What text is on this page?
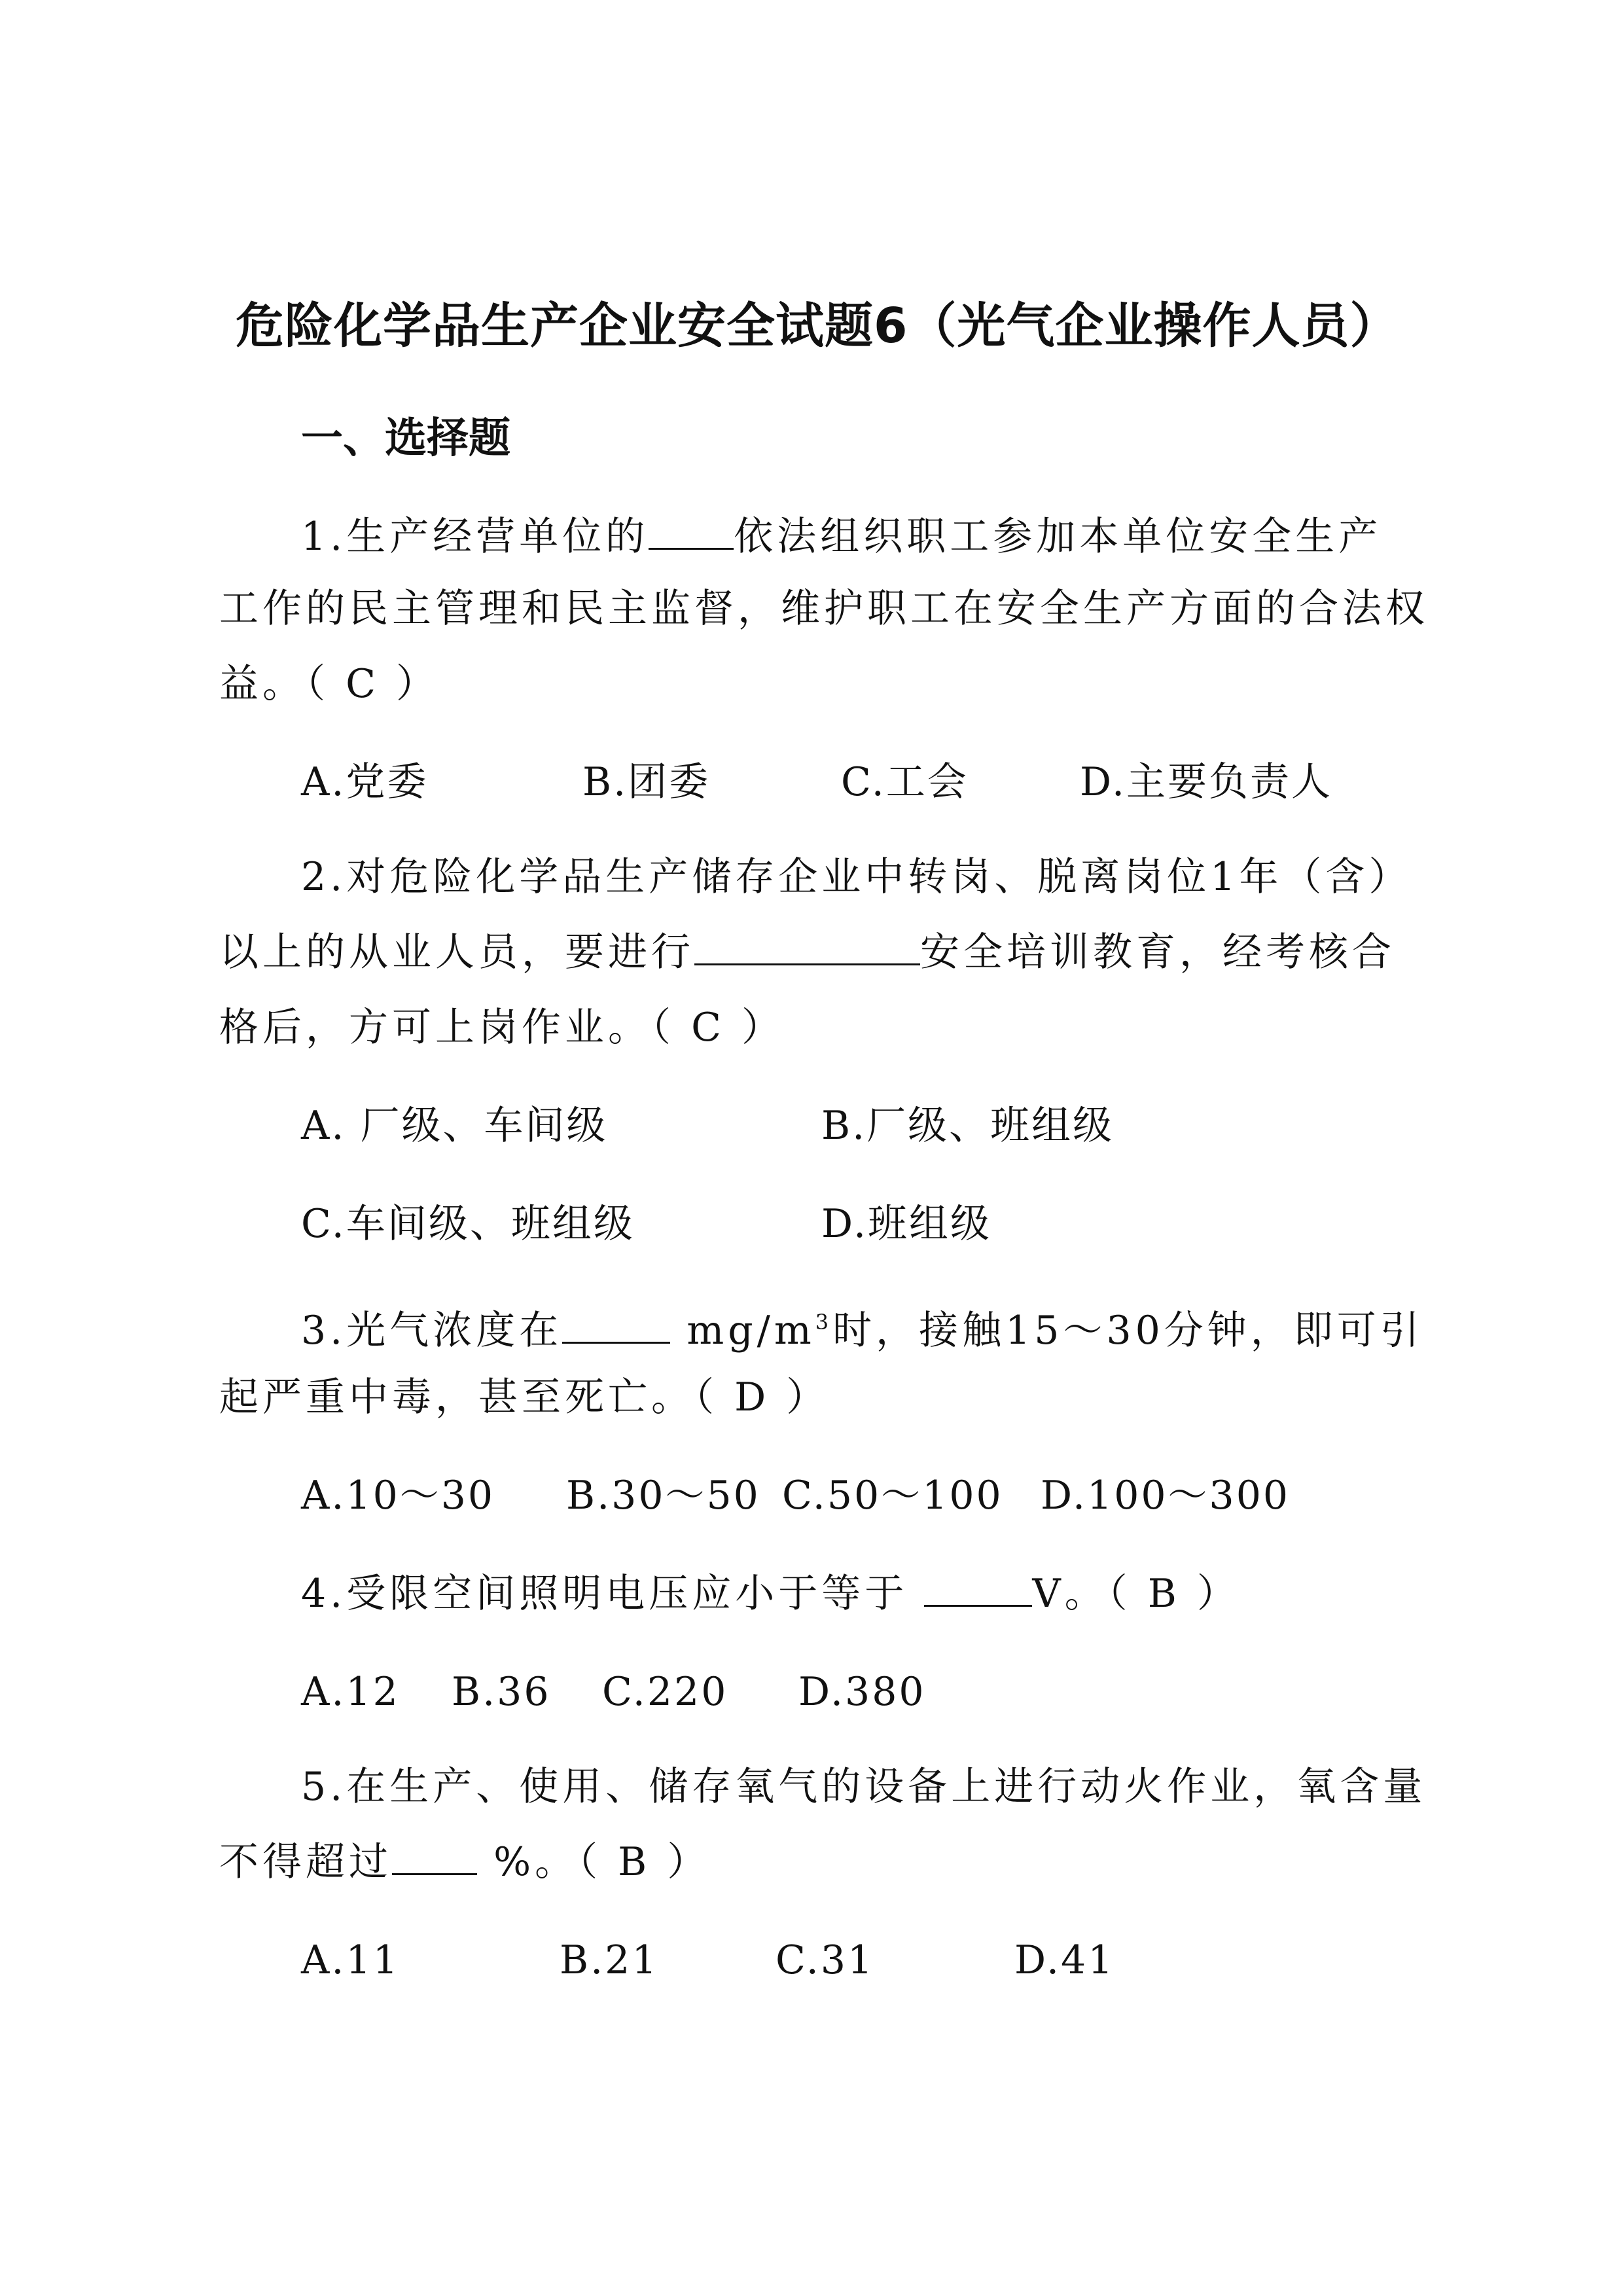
危险化学品生产企业安全试题6（光气企业操作人员）
一、选择题
1.生产经营单位的 依法组织职工参加本单位安全生产
工作的民主管理和民主监督，维护职工在安全生产方面的合法权
益。（ C ）
A.党委	B.团委	C.工会	D.主要负责人
2.对危险化学品生产储存企业中转岗、脱离岗位1年（含）
以上的从业人员，要进行	安全培训教育，经考核合
格后，方可上岗作业。（ C ）
A. 厂级、车间级	B.厂级、班组级
C.车间级、班组级	D.班组级
3.光气浓度在	$mg/m^3$时，接触15～30分钟，即可引
起严重中毒，甚至死亡。（ D ）
A.10～30 B.30～50 C.50～100 D.100～300
4.受限空间照明电压应小于等于	V。（ B ）
A.12 B.36 C.220 D.380
5.在生产、使用、储存氧气的设备上进行动火作业，氧含量
不得超过 %。（ B ）
A.11	B.21	C.31	D.41
